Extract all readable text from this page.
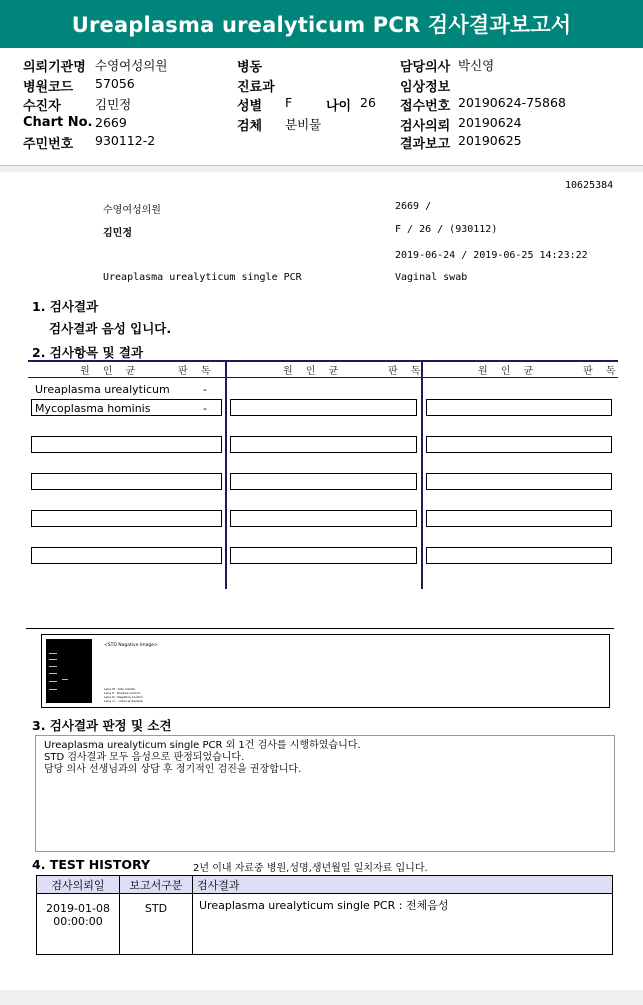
Ureaplasma urealyticum PCR 검사결과보고서
의뢰기관명 수영여성의원	병동	담당의사 박신영
병원코드 57056	진료과	임상정보
수진자	김민정	성별 F	나이 26 접수번호 20190624-75868
Chart No. 2669	검체 분비물	검사의뢰 20190624
주민번호 930112-2	결과보고 20190625
10625384
수영여성의원	2669 /
김민정	F / 26 / (930112)
2019-06-24 / 2019-06-25 14:23:22
Ureaplasma urealyticum single PCR	Vaginal swab
1. 검사결과
검사결과 음성 입니다.
2. 검사항목 및 결과
원 인 균	판 독	원 인 균	판 독	원 인 균	판 독
Ureaplasma urealyticum	-
Mycoplasma hominis	-
<STD Negative Image>
Lane M : Size marker
Lane P : Positive Control
Lane N : Negative Control
Lane 1~ : Clinical Sample
3. 검사결과 판정 및 소견
Ureaplasma urealyticum single PCR 외 1건 검사를 시행하였습니다.
STD 검사결과 모두 음성으로 판정되었습니다.
담당 의사 선생님과의 상담 후 정기적인 검진을 권장합니다.
4. TEST HISTORY	2년 이내 자료중 병원,성명,생년월일 일치자료 입니다.
검사의뢰일	보고서구분	검사결과

2019-01-08
00:00:00	STD	Ureaplasma urealyticum single PCR : 전체음성
